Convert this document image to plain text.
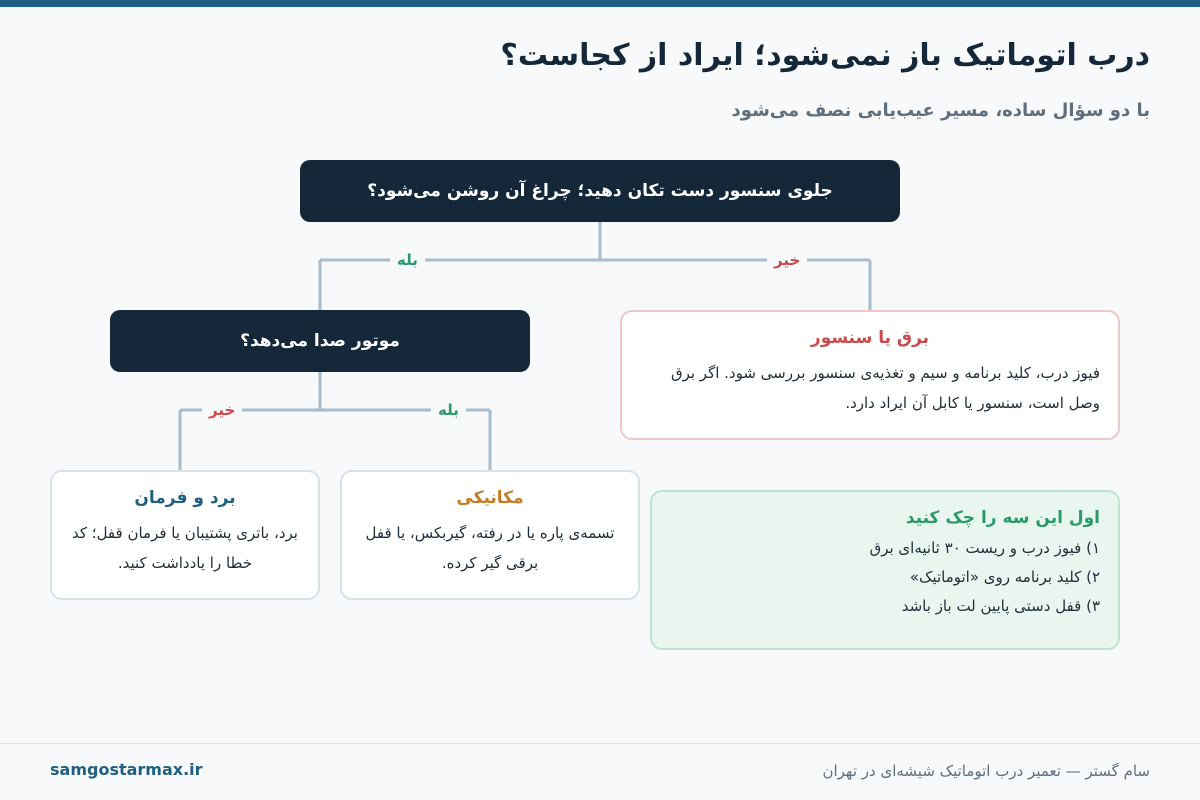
درب اتوماتیک باز نمی‌شود؛ ایراد از کجاست؟
با دو سؤال ساده، مسیر عیب‌یابی نصف می‌شود
جلوی سنسور دست تکان دهید؛ چراغ آن روشن می‌شود؟
بله	خیر
موتور صدا می‌دهد؟
خیر	بله
برق یا سنسور

فیوز درب، کلید برنامه و سیم و تغذیه‌ی سنسور بررسی شود. اگر برق وصل است، سنسور یا کابل آن ایراد دارد.

مکانیکی

تسمه‌ی پاره یا در رفته، گیربکس، یا قفل برقی گیر کرده.

برد و فرمان

برد، باتری پشتیبان یا فرمان قفل؛ کد خطا را یادداشت کنید.

اول این سه را چک کنید
۱) فیوز درب و ریست ۳۰ ثانیه‌ای برق
۲) کلید برنامه روی «اتوماتیک»
۳) قفل دستی پایین لت باز باشد
سام گستر — تعمیر درب اتوماتیک شیشه‌ای در تهران
samgostarmax.ir
